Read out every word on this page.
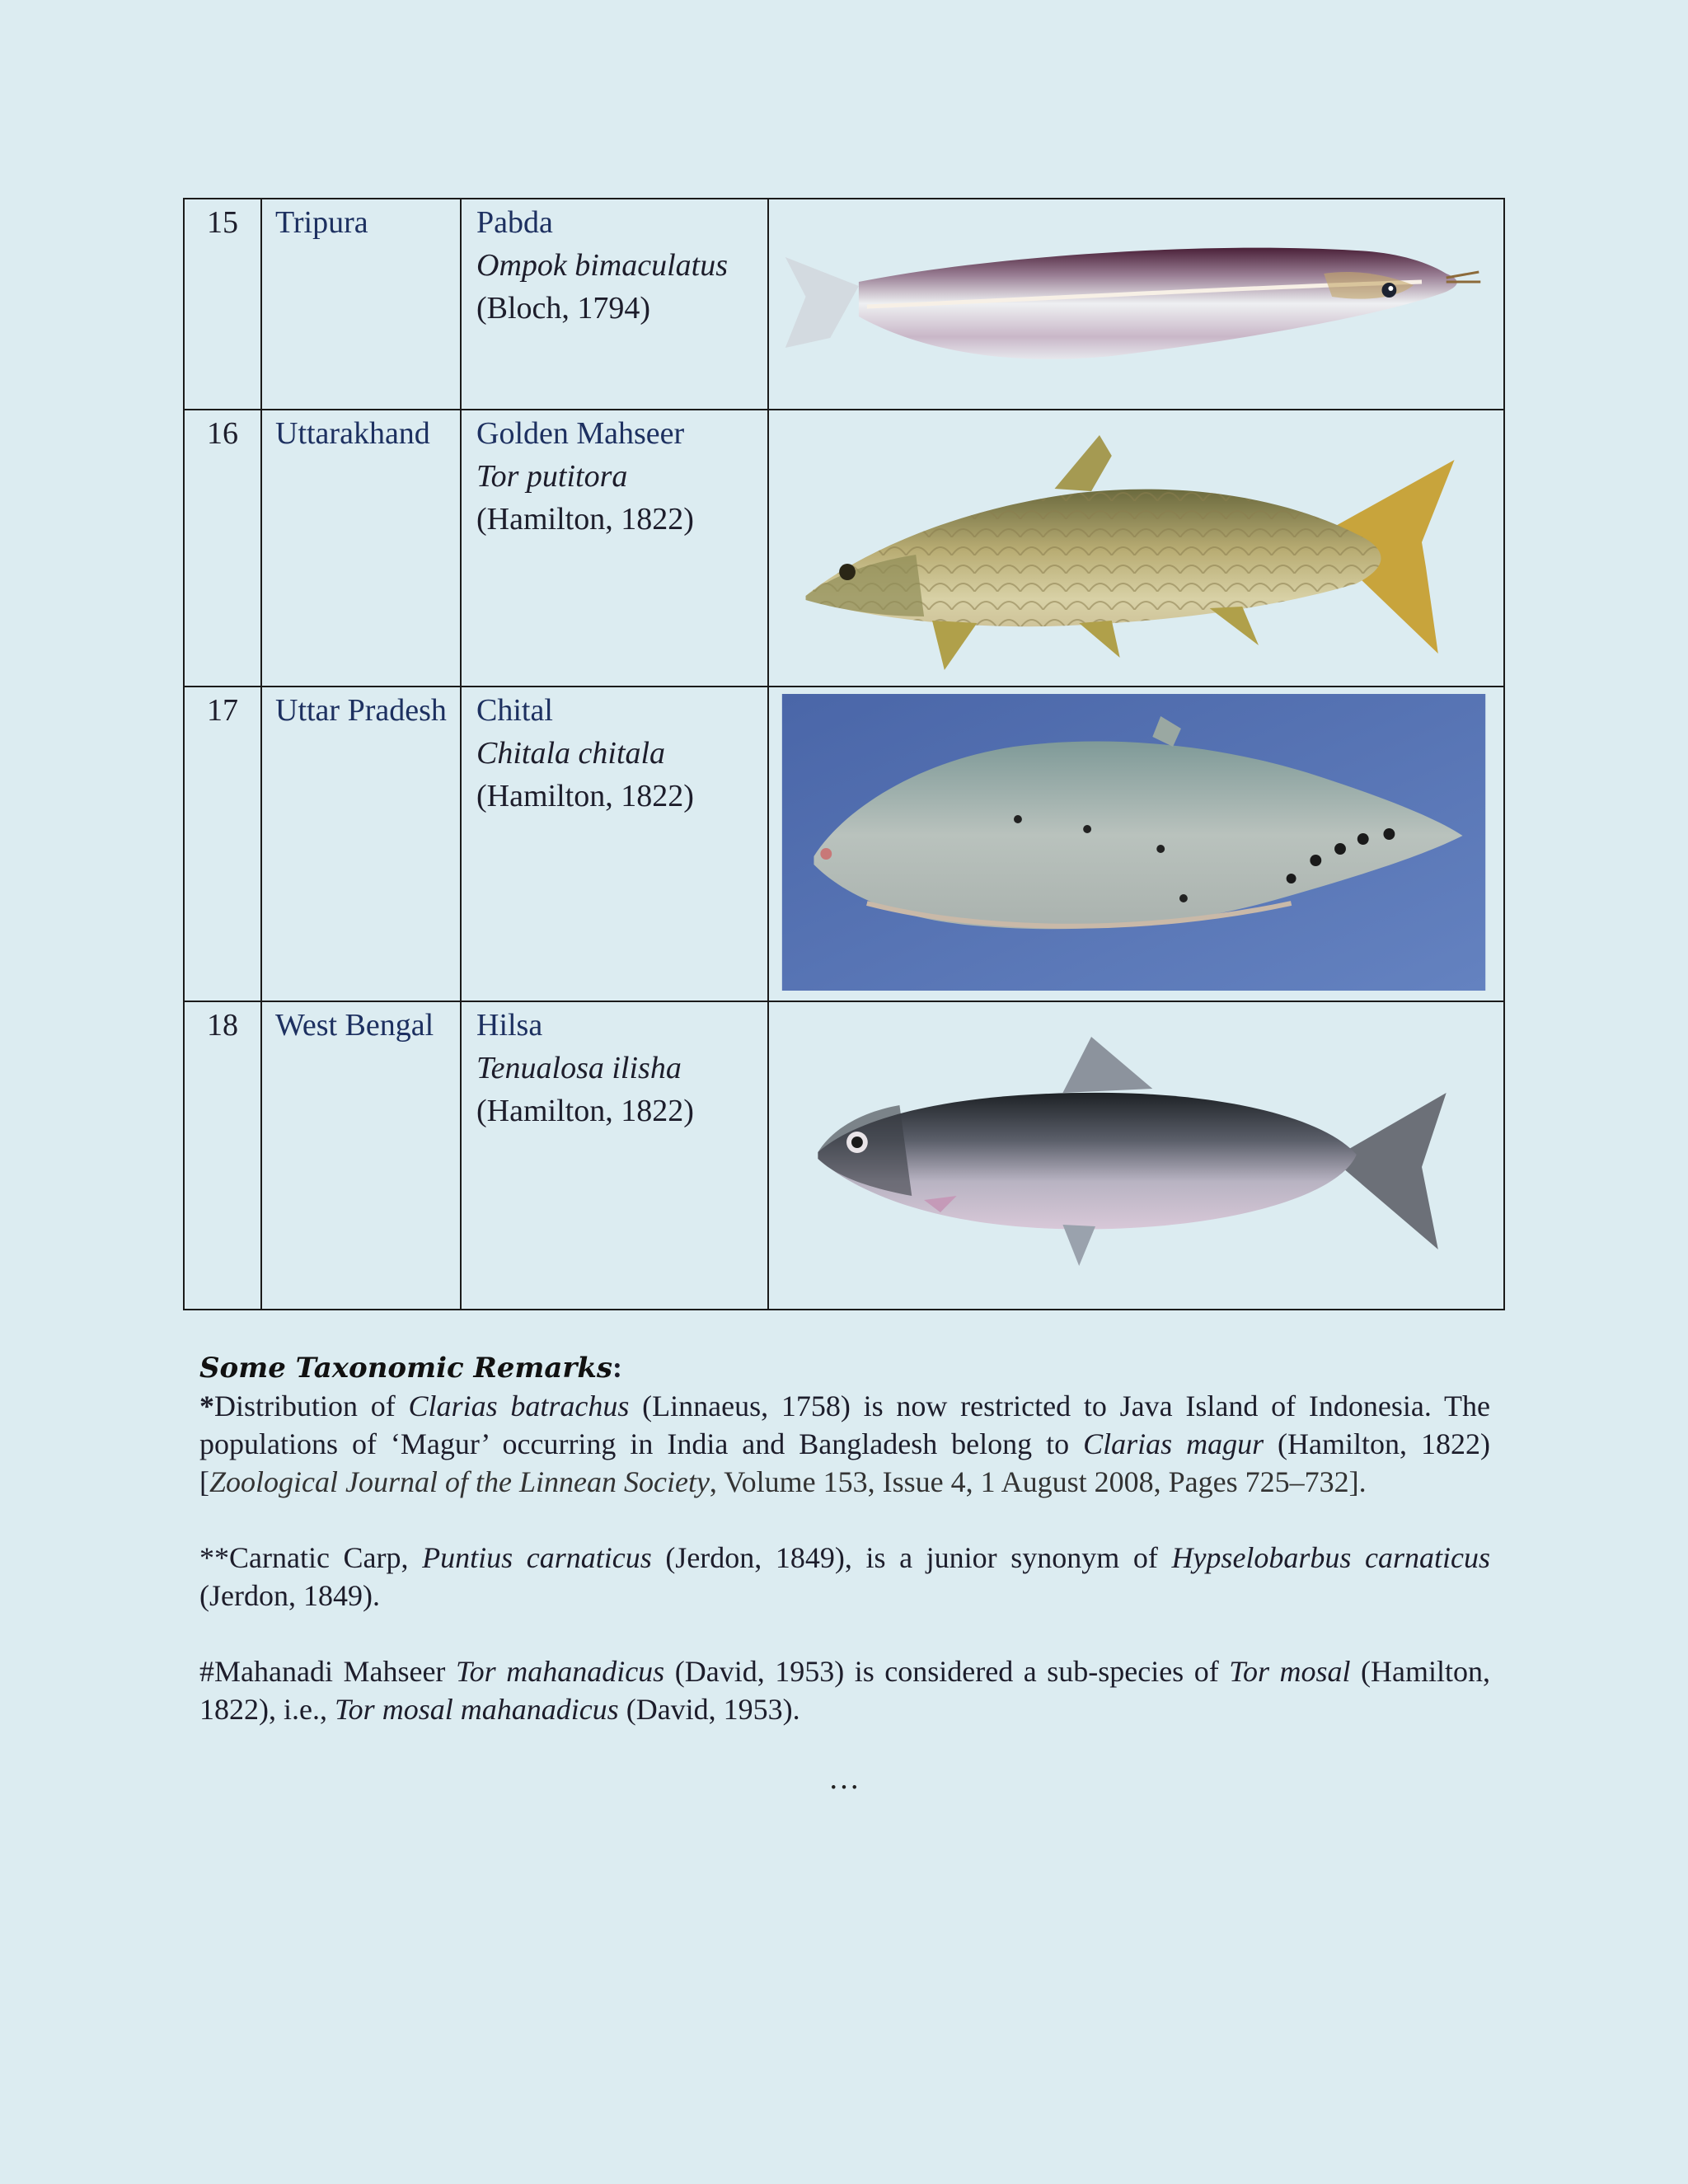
15	Tripura	Pabda
Ompok bimaculatus
(Bloch, 1794)

16	Uttarakhand	Golden Mahseer
Tor putitora
(Hamilton, 1822)

17	Uttar Pradesh	Chital
Chitala chitala
(Hamilton, 1822)

18	West Bengal	Hilsa
Tenualosa ilisha
(Hamilton, 1822)

Some Taxonomic Remarks:

*Distribution of Clarias batrachus (Linnaeus, 1758) is now restricted to Java Island of Indonesia. The populations of ‘Magur’ occurring in India and Bangladesh belong to Clarias magur (Hamilton, 1822) [Zoological Journal of the Linnean Society, Volume 153, Issue 4, 1 August 2008, Pages 725–732].

**Carnatic Carp, Puntius carnaticus (Jerdon, 1849), is a junior synonym of Hypselobarbus carnaticus (Jerdon, 1849).

#Mahanadi Mahseer Tor mahanadicus (David, 1953) is considered a sub-species of Tor mosal (Hamilton, 1822), i.e., Tor mosal mahanadicus (David, 1953).

…
